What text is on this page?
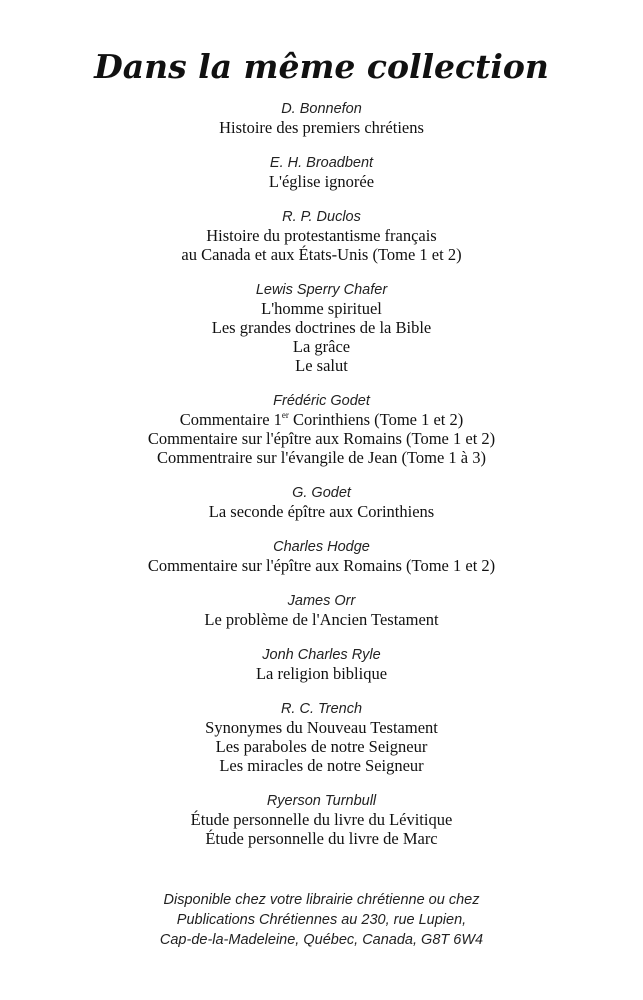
Dans la même collection
D. Bonnefon
Histoire des premiers chrétiens
E. H. Broadbent
L'église ignorée
R. P. Duclos
Histoire du protestantisme français
au Canada et aux États-Unis (Tome 1 et 2)
Lewis Sperry Chafer
L'homme spirituel
Les grandes doctrines de la Bible
La grâce
Le salut
Frédéric Godet
Commentaire 1er Corinthiens (Tome 1 et 2)
Commentaire sur l'épître aux Romains (Tome 1 et 2)
Commentraire sur l'évangile de Jean (Tome 1 à 3)
G. Godet
La seconde épître aux Corinthiens
Charles Hodge
Commentaire sur l'épître aux Romains (Tome 1 et 2)
James Orr
Le problème de l'Ancien Testament
Jonh Charles Ryle
La religion biblique
R. C. Trench
Synonymes du Nouveau Testament
Les paraboles de notre Seigneur
Les miracles de notre Seigneur
Ryerson Turnbull
Étude personnelle du livre du Lévitique
Étude personnelle du livre de Marc
Disponible chez votre librairie chrétienne ou chez
Publications Chrétiennes au 230, rue Lupien,
Cap-de-la-Madeleine, Québec, Canada, G8T 6W4
